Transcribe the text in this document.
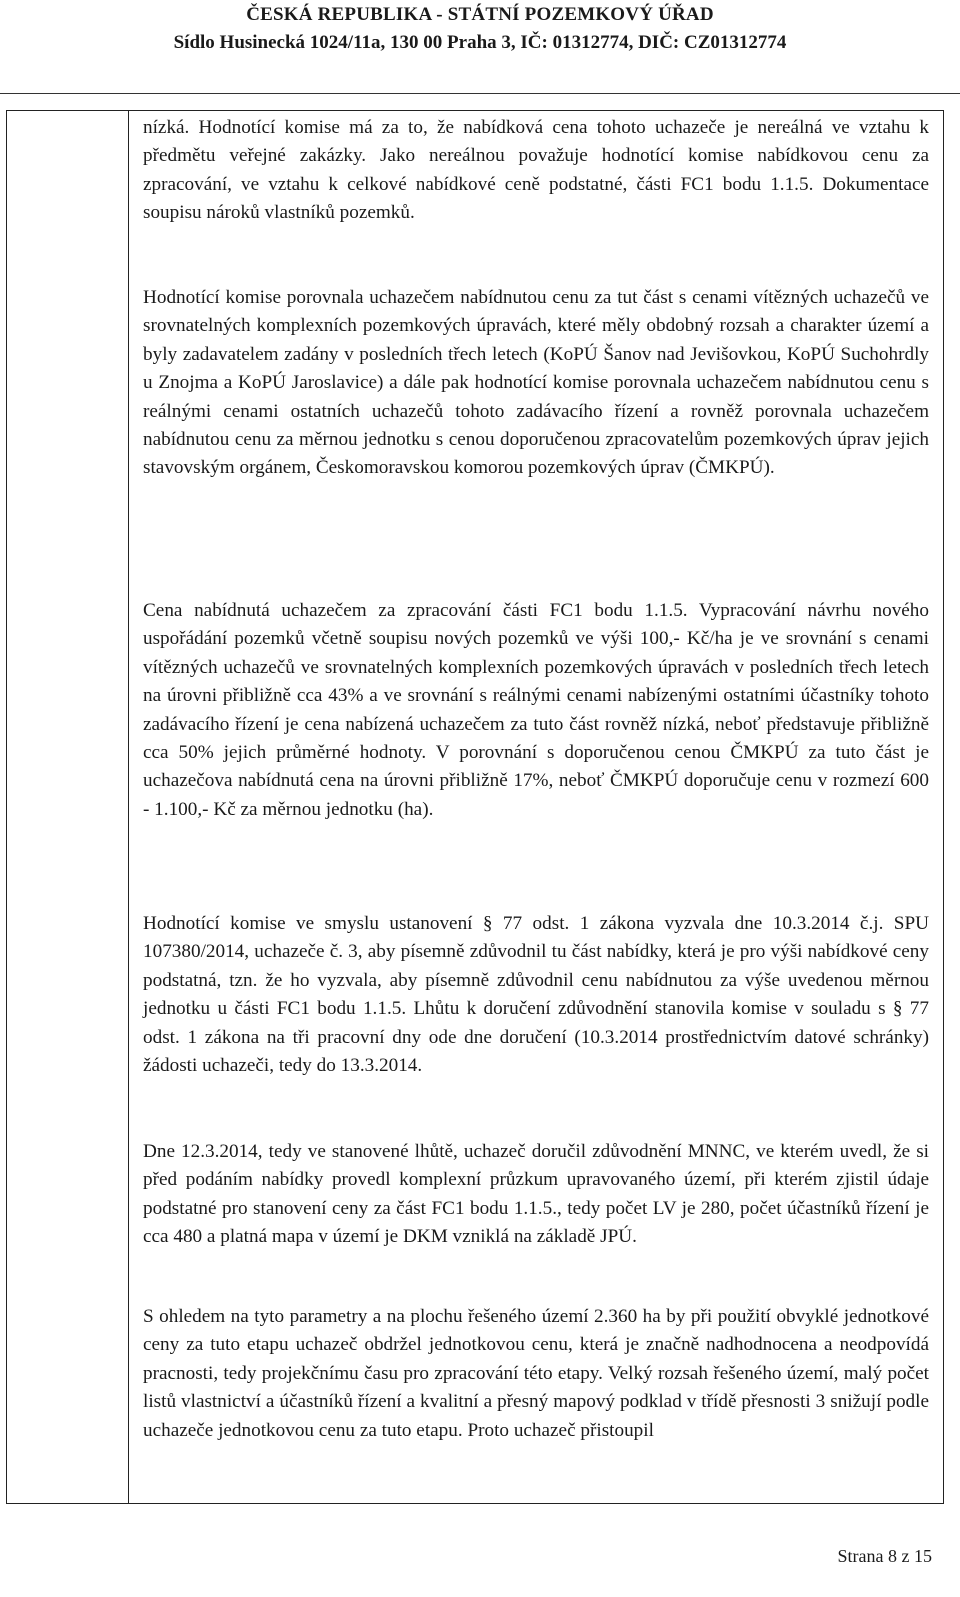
ČESKÁ REPUBLIKA - STÁTNÍ POZEMKOVÝ ÚŘAD
Sídlo Husinecká 1024/11a, 130 00 Praha 3, IČ: 01312774, DIČ: CZ01312774

nízká. Hodnotící komise má za to, že nabídková cena tohoto uchazeče je nereálná ve vztahu k předmětu veřejné zakázky. Jako nereálnou považuje hodnotící komise nabídkovou cenu za zpracování, ve vztahu k celkové nabídkové ceně podstatné, části FC1 bodu 1.1.5. Dokumentace soupisu nároků vlastníků pozemků.

Hodnotící komise porovnala uchazečem nabídnutou cenu za tut část s cenami vítězných uchazečů ve srovnatelných komplexních pozemkových úpravách, které měly obdobný rozsah a charakter území a byly zadavatelem zadány v posledních třech letech (KoPÚ Šanov nad Jevišovkou, KoPÚ Suchohrdly u Znojma a KoPÚ Jaroslavice) a dále pak hodnotící komise porovnala uchazečem nabídnutou cenu s reálnými cenami ostatních uchazečů tohoto zadávacího řízení a rovněž porovnala uchazečem nabídnutou cenu za měrnou jednotku s cenou doporučenou zpracovatelům pozemkových úprav jejich stavovským orgánem, Českomoravskou komorou pozemkových úprav (ČMKPÚ).

Cena nabídnutá uchazečem za zpracování části FC1 bodu 1.1.5. Vypracování návrhu nového uspořádání pozemků včetně soupisu nových pozemků ve výši 100,- Kč/ha je ve srovnání s cenami vítězných uchazečů ve srovnatelných komplexních pozemkových úpravách v posledních třech letech na úrovni přibližně cca 43% a ve srovnání s reálnými cenami nabízenými ostatními účastníky tohoto zadávacího řízení je cena nabízená uchazečem za tuto část rovněž nízká, neboť představuje přibližně cca 50% jejich průměrné hodnoty. V porovnání s doporučenou cenou ČMKPÚ za tuto část je uchazečova nabídnutá cena na úrovni přibližně 17%, neboť ČMKPÚ doporučuje cenu v rozmezí 600 - 1.100,- Kč za měrnou jednotku (ha).

Hodnotící komise ve smyslu ustanovení § 77 odst. 1 zákona vyzvala dne 10.3.2014 č.j. SPU 107380/2014, uchazeče č. 3, aby písemně zdůvodnil tu část nabídky, která je pro výši nabídkové ceny podstatná, tzn. že ho vyzvala, aby písemně zdůvodnil cenu nabídnutou za výše uvedenou měrnou jednotku u části FC1 bodu 1.1.5. Lhůtu k doručení zdůvodnění stanovila komise v souladu s § 77 odst. 1 zákona na tři pracovní dny ode dne doručení (10.3.2014 prostřednictvím datové schránky) žádosti uchazeči, tedy do 13.3.2014.

Dne 12.3.2014, tedy ve stanovené lhůtě, uchazeč doručil zdůvodnění MNNC, ve kterém uvedl, že si před podáním nabídky provedl komplexní průzkum upravovaného území, při kterém zjistil údaje podstatné pro stanovení ceny za část FC1 bodu 1.1.5., tedy počet LV je 280, počet účastníků řízení je cca 480 a platná mapa v území je DKM vzniklá na základě JPÚ.

S ohledem na tyto parametry a na plochu řešeného území 2.360 ha by při použití obvyklé jednotkové ceny za tuto etapu uchazeč obdržel jednotkovou cenu, která je značně nadhodnocena a neodpovídá pracnosti, tedy projekčnímu času pro zpracování této etapy. Velký rozsah řešeného území, malý počet listů vlastnictví a účastníků řízení a kvalitní a přesný mapový podklad v třídě přesnosti 3 snižují podle uchazeče jednotkovou cenu za tuto etapu. Proto uchazeč přistoupil

Strana 8 z 15
